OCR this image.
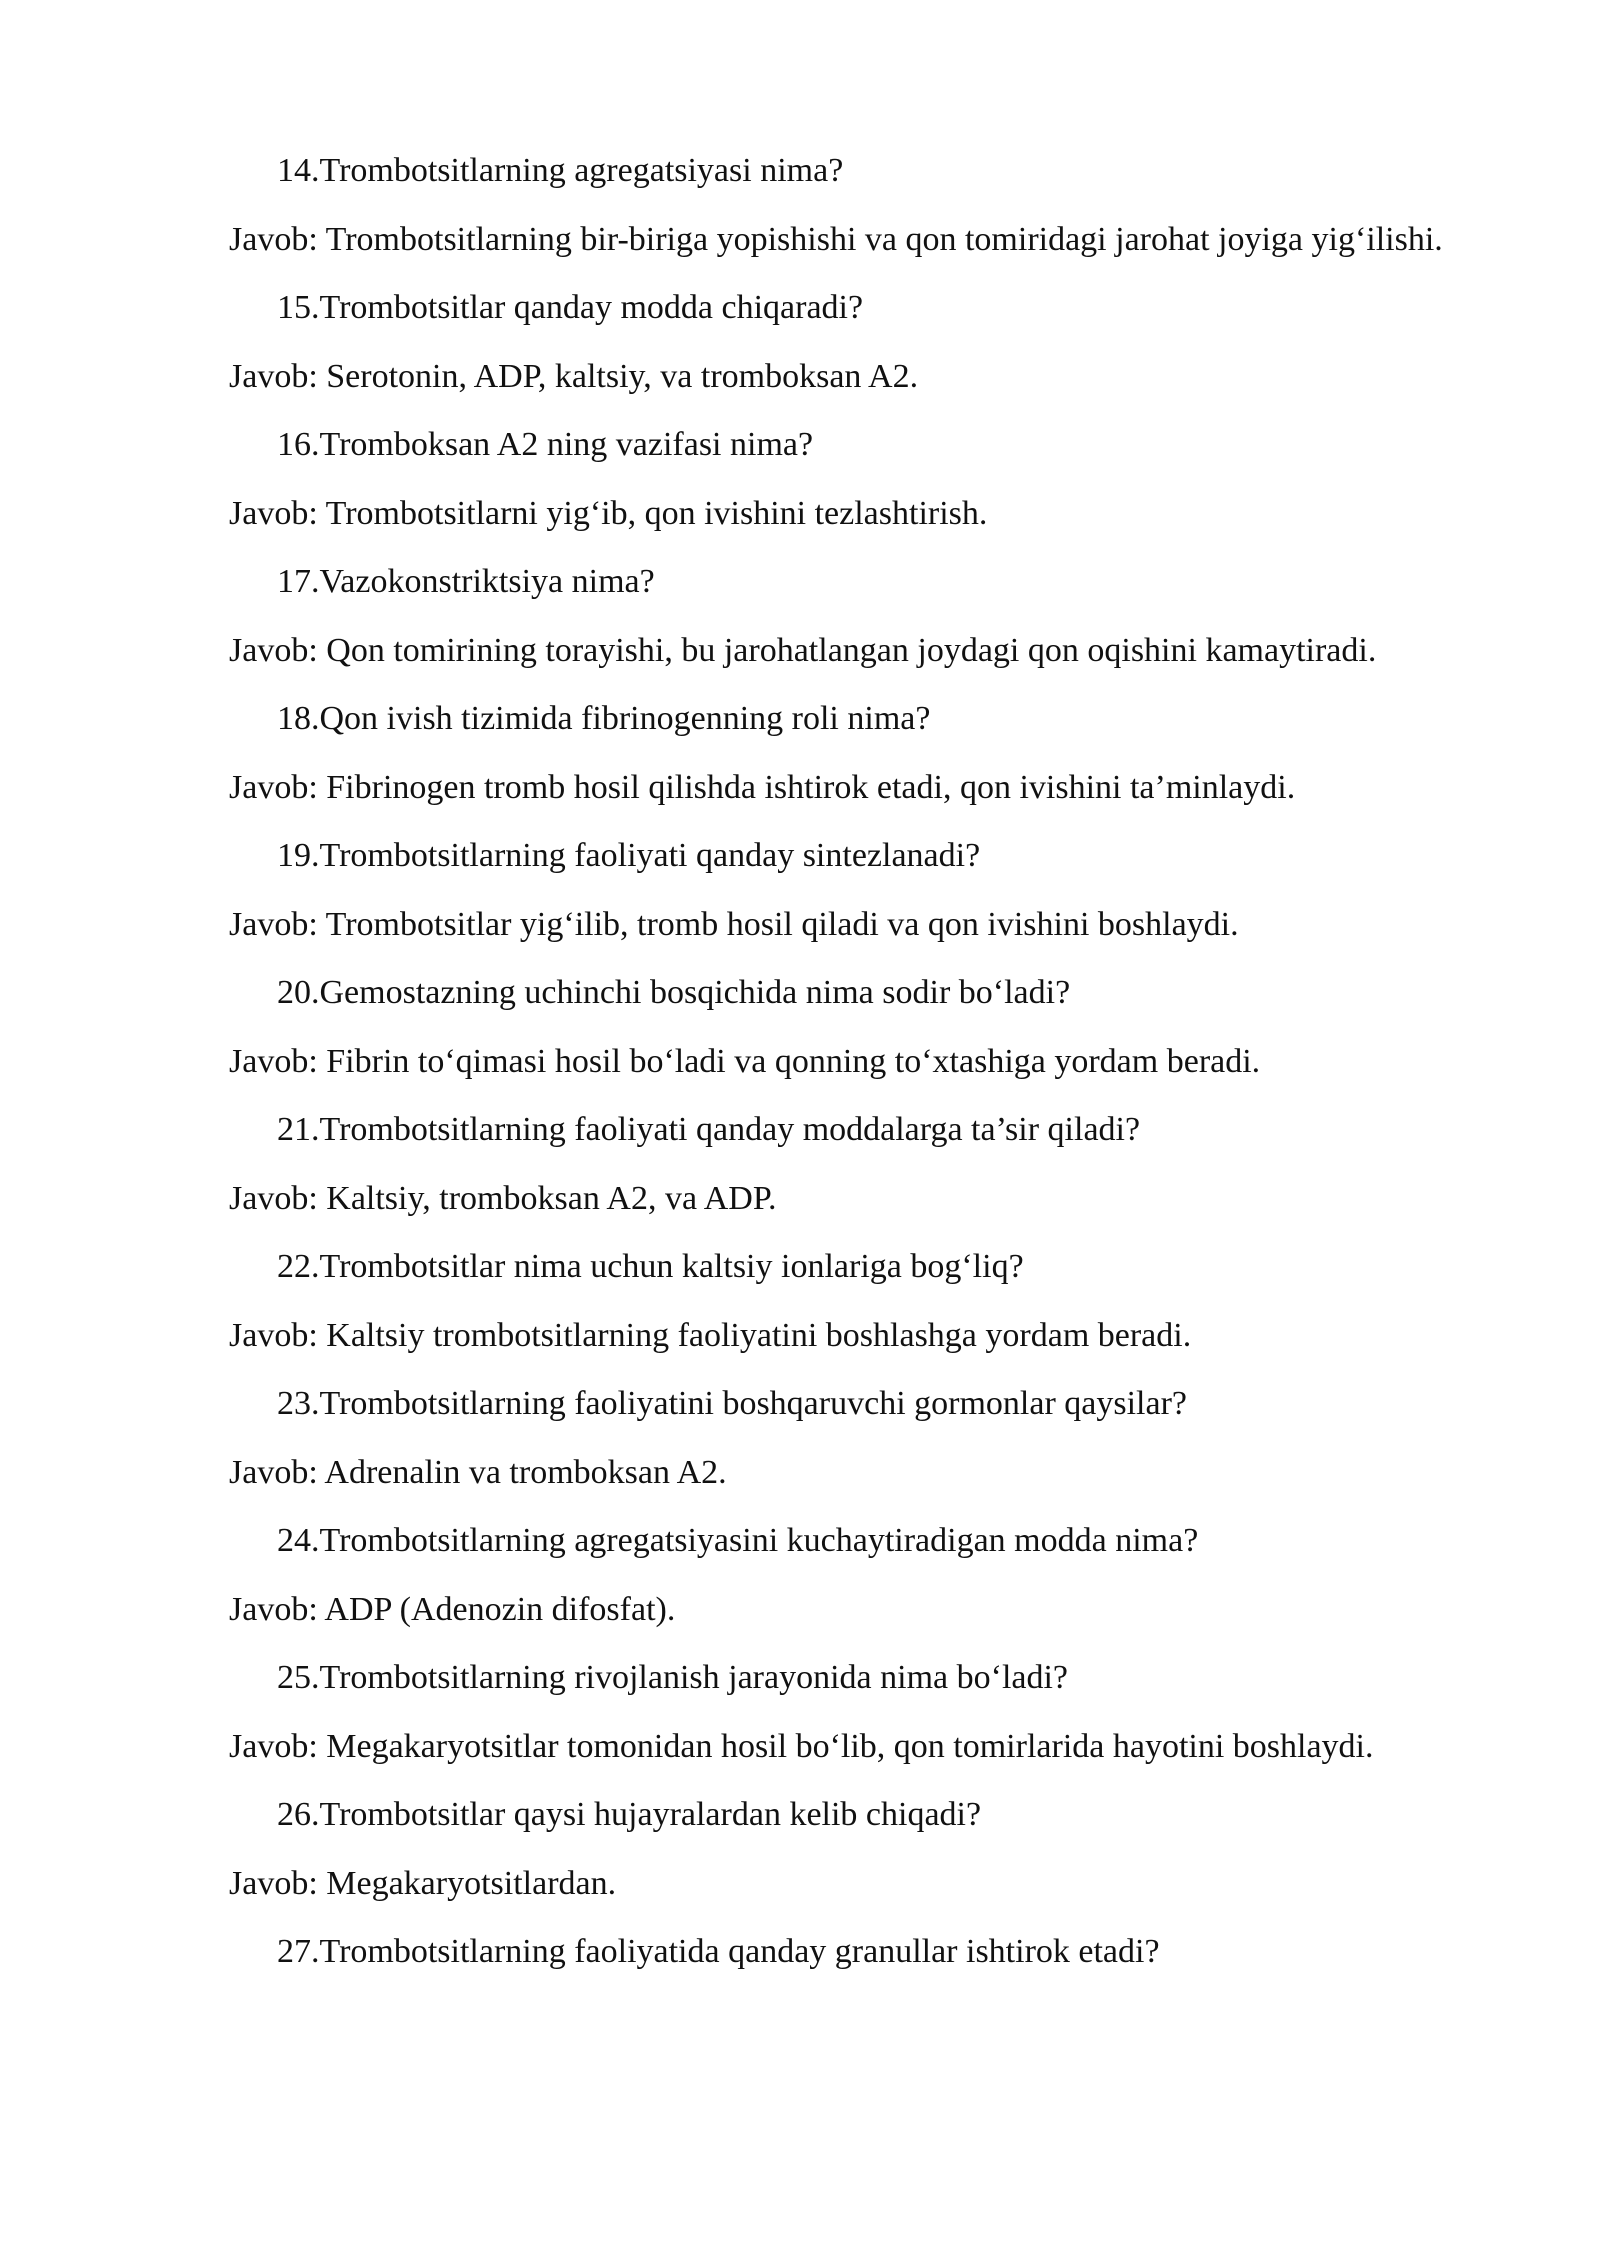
14.Trombotsitlarning agregatsiyasi nima?

Javob: Trombotsitlarning bir-biriga yopishishi va qon tomiridagi jarohat joyiga yig‘ilishi.

15.Trombotsitlar qanday modda chiqaradi?

Javob: Serotonin, ADP, kaltsiy, va tromboksan A2.

16.Tromboksan A2 ning vazifasi nima?

Javob: Trombotsitlarni yig‘ib, qon ivishini tezlashtirish.

17.Vazokonstriktsiya nima?

Javob: Qon tomirining torayishi, bu jarohatlangan joydagi qon oqishini kamaytiradi.

18.Qon ivish tizimida fibrinogenning roli nima?

Javob: Fibrinogen tromb hosil qilishda ishtirok etadi, qon ivishini ta’minlaydi.

19.Trombotsitlarning faoliyati qanday sintezlanadi?

Javob: Trombotsitlar yig‘ilib, tromb hosil qiladi va qon ivishini boshlaydi.

20.Gemostazning uchinchi bosqichida nima sodir bo‘ladi?

Javob: Fibrin to‘qimasi hosil bo‘ladi va qonning to‘xtashiga yordam beradi.

21.Trombotsitlarning faoliyati qanday moddalarga ta’sir qiladi?

Javob: Kaltsiy, tromboksan A2, va ADP.

22.Trombotsitlar nima uchun kaltsiy ionlariga bog‘liq?

Javob: Kaltsiy trombotsitlarning faoliyatini boshlashga yordam beradi.

23.Trombotsitlarning faoliyatini boshqaruvchi gormonlar qaysilar?

Javob: Adrenalin va tromboksan A2.

24.Trombotsitlarning agregatsiyasini kuchaytiradigan modda nima?

Javob: ADP (Adenozin difosfat).

25.Trombotsitlarning rivojlanish jarayonida nima bo‘ladi?

Javob: Megakaryotsitlar tomonidan hosil bo‘lib, qon tomirlarida hayotini boshlaydi.

26.Trombotsitlar qaysi hujayralardan kelib chiqadi?

Javob: Megakaryotsitlardan.

27.Trombotsitlarning faoliyatida qanday granullar ishtirok etadi?
